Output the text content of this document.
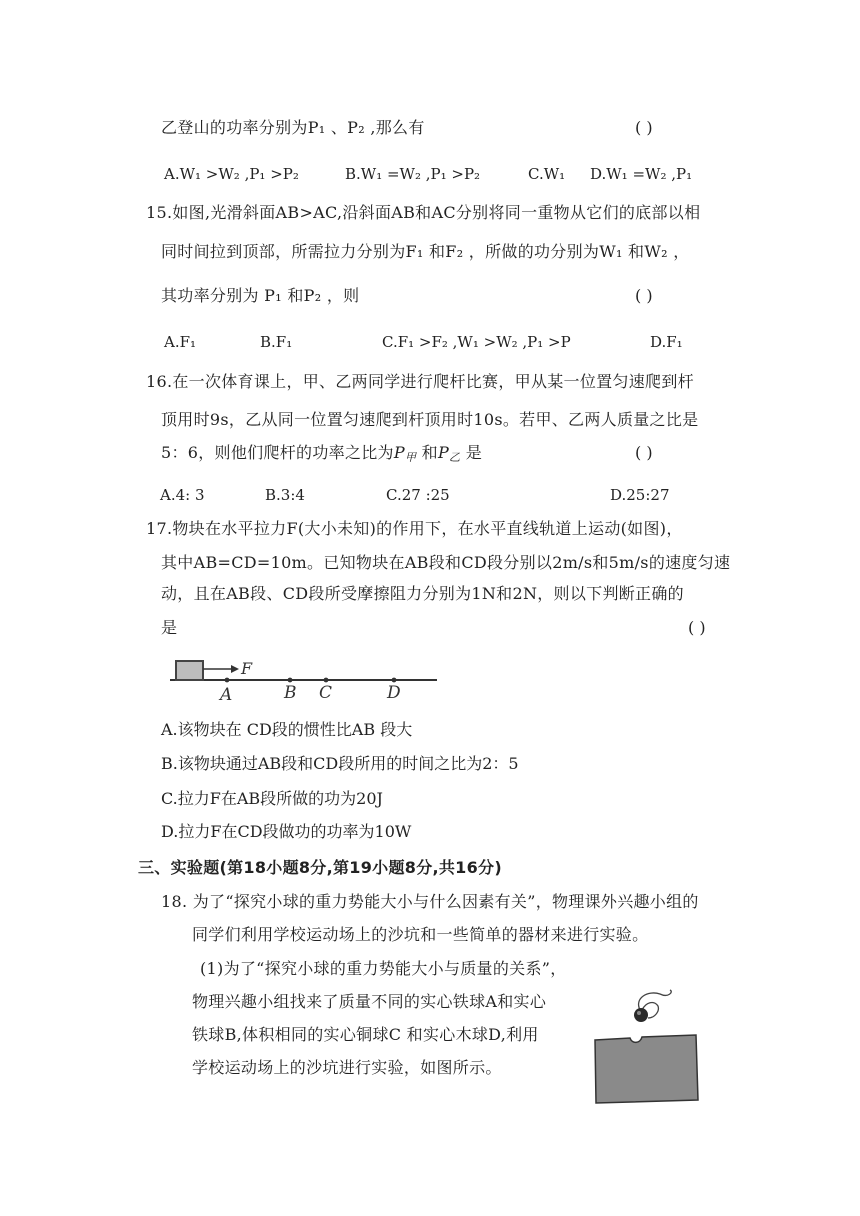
乙登山的功率分别为P₁ 、P₂ ,那么有	( )
A.W₁ >W₂ ,P₁ >P₂	B.W₁ =W₂ ,P₁ >P₂	C.W₁ D.W₁ =W₂ ,P₁
15.如图,光滑斜面AB>AC,沿斜面AB和AC分别将同一重物从它们的底部以相
同时间拉到顶部，所需拉力分别为F₁ 和F₂ ，所做的功分别为W₁ 和W₂ ，
其功率分别为 P₁ 和P₂ ，则	( )
A.F₁	B.F₁	C.F₁ >F₂ ,W₁ >W₂ ,P₁ >P	D.F₁
16.在一次体育课上，甲、乙两同学进行爬杆比赛，甲从某一位置匀速爬到杆
顶用时9s，乙从同一位置匀速爬到杆顶用时10s。若甲、乙两人质量之比是
5：6，则他们爬杆的功率之比为$P_甲$ 和$P_乙$ 是	( )
A.4: 3	B.3:4	C.27 :25	D.25:27
17.物块在水平拉力F(大小未知)的作用下，在水平直线轨道上运动(如图)，
其中AB=CD=10m。已知物块在AB段和CD段分别以2m/s和5m/s的速度匀速
动，且在AB段、CD段所受摩擦阻力分别为1N和2N，则以下判断正确的
是	( )
F
A	B C	D
A.该物块在 CD段的惯性比AB 段大
B.该物块通过AB段和CD段所用的时间之比为2：5
C.拉力F在AB段所做的功为20J
D.拉力F在CD段做功的功率为10W
三、实验题(第18小题8分,第19小题8分,共16分)
18. 为了“探究小球的重力势能大小与什么因素有关”，物理课外兴趣小组的
同学们利用学校运动场上的沙坑和一些简单的器材来进行实验。
(1)为了“探究小球的重力势能大小与质量的关系”，
物理兴趣小组找来了质量不同的实心铁球A和实心
铁球B,体积相同的实心铜球C 和实心木球D,利用
学校运动场上的沙坑进行实验，如图所示。
